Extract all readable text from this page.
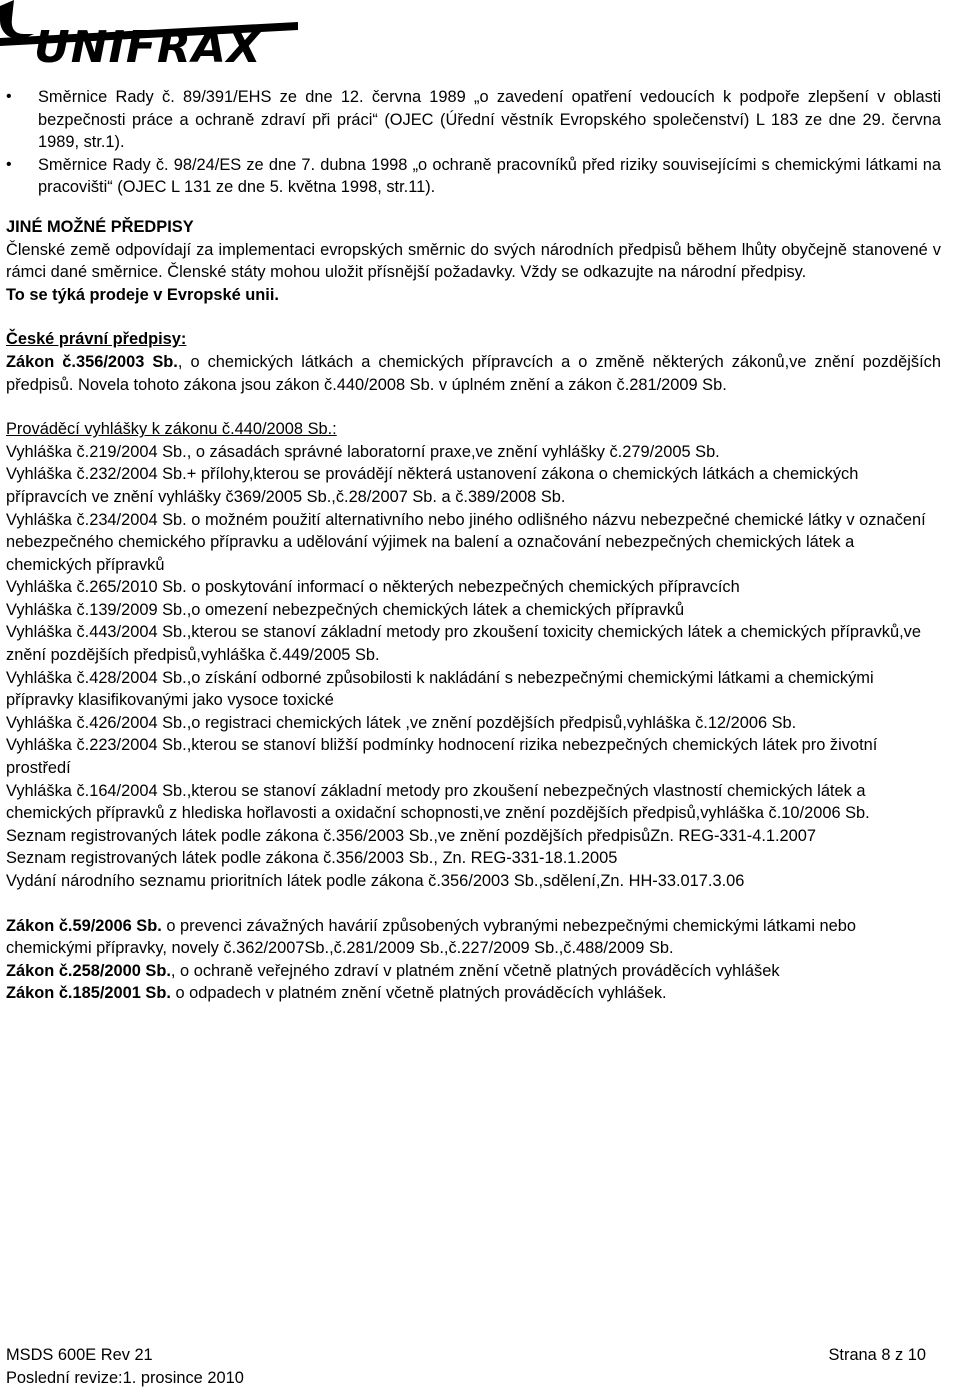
UNIFRAX
• Směrnice Rady č. 89/391/EHS ze dne 12. června 1989 „o zavedení opatření vedoucích k podpoře zlepšení v oblasti bezpečnosti práce a ochraně zdraví při práci“ (OJEC (Úřední věstník Evropského společenství) L 183 ze dne 29. června 1989, str.1).
• Směrnice Rady č. 98/24/ES ze dne 7. dubna 1998 „o ochraně pracovníků před riziky souvisejícími s chemickými látkami na pracovišti“ (OJEC L 131 ze dne 5. května 1998, str.11).

JINÉ MOŽNÉ PŘEDPISY

Členské země odpovídají za implementaci evropských směrnic do svých národních předpisů během lhůty obyčejně stanovené v rámci dané směrnice. Členské státy mohou uložit přísnější požadavky. Vždy se odkazujte na národní předpisy.

To se týká prodeje v Evropské unii.

České právní předpisy:

Zákon č.356/2003 Sb., o chemických látkách a chemických přípravcích a o změně některých zákonů,ve znění pozdějších předpisů. Novela tohoto zákona jsou zákon č.440/2008 Sb. v úplném znění a zákon č.281/2009 Sb.

Prováděcí vyhlášky k zákonu č.440/2008 Sb.:

Vyhláška č.219/2004 Sb., o zásadách správné laboratorní praxe,ve znění vyhlášky č.279/2005 Sb.

Vyhláška č.232/2004 Sb.+ přílohy,kterou se provádějí některá ustanovení zákona o chemických látkách a chemických přípravcích ve znění vyhlášky č369/2005 Sb.,č.28/2007 Sb. a č.389/2008 Sb.

Vyhláška č.234/2004 Sb. o možném použití alternativního nebo jiného odlišného názvu nebezpečné chemické látky v označení nebezpečného chemického přípravku a udělování výjimek na balení a označování nebezpečných chemických látek a chemických přípravků

Vyhláška č.265/2010 Sb. o poskytování informací o některých nebezpečných chemických přípravcích

Vyhláška č.139/2009 Sb.,o omezení nebezpečných chemických látek a chemických přípravků

Vyhláška č.443/2004 Sb.,kterou se stanoví základní metody pro zkoušení toxicity chemických látek a chemických přípravků,ve znění pozdějších předpisů,vyhláška č.449/2005 Sb.

Vyhláška č.428/2004 Sb.,o získání odborné způsobilosti k nakládání s nebezpečnými chemickými látkami a chemickými přípravky klasifikovanými jako vysoce toxické

Vyhláška č.426/2004 Sb.,o registraci chemických látek ,ve znění pozdějších předpisů,vyhláška č.12/2006 Sb.

Vyhláška č.223/2004 Sb.,kterou se stanoví bližší podmínky hodnocení rizika nebezpečných chemických látek pro životní prostředí

Vyhláška č.164/2004 Sb.,kterou se stanoví základní metody pro zkoušení nebezpečných vlastností chemických látek a chemických přípravků z hlediska hořlavosti a oxidační schopnosti,ve znění pozdějších předpisů,vyhláška č.10/2006 Sb.

Seznam registrovaných látek podle zákona č.356/2003 Sb.,ve znění pozdějších předpisůZn. REG-331-4.1.2007

Seznam registrovaných látek podle zákona č.356/2003 Sb., Zn. REG-331-18.1.2005

Vydání národního seznamu prioritních látek podle zákona č.356/2003 Sb.,sdělení,Zn. HH-33.017.3.06

Zákon č.59/2006 Sb. o prevenci závažných havárií způsobených vybranými nebezpečnými chemickými látkami nebo chemickými přípravky, novely č.362/2007Sb.,č.281/2009 Sb.,č.227/2009 Sb.,č.488/2009 Sb.

Zákon č.258/2000 Sb., o ochraně veřejného zdraví v platném znění včetně platných prováděcích vyhlášek

Zákon č.185/2001 Sb. o odpadech v platném znění včetně platných prováděcích vyhlášek.

MSDS 600E Rev 21

Poslední revize:1. prosince 2010

Strana 8 z 10
